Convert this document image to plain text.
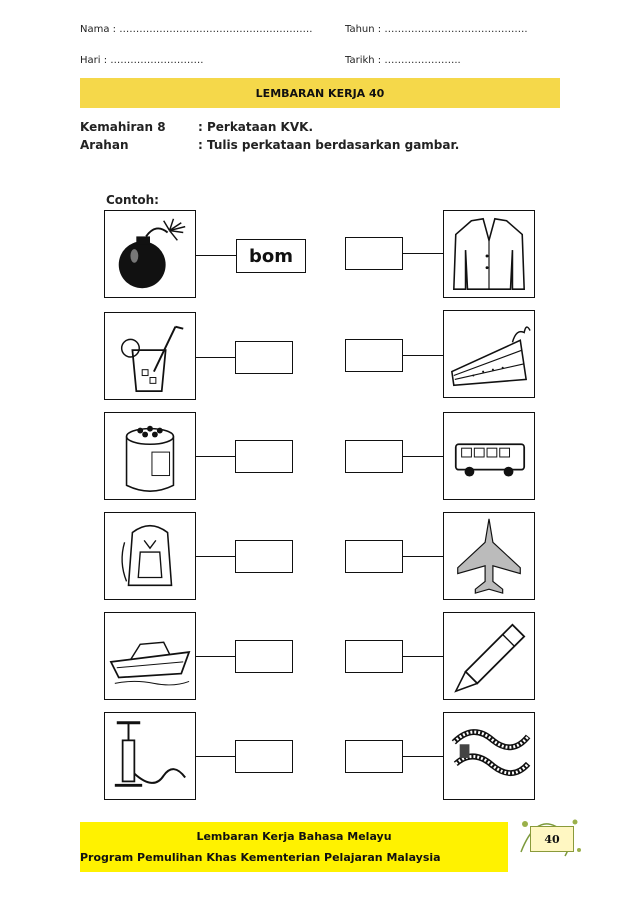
Nama : ………………………………………………….	Tahun : …………………………………….
Hari : ……………………….	Tarikh : …………………..
LEMBARAN KERJA 40
Kemahiran 8	: Perkataan KVK.
Arahan	: Tulis perkataan berdasarkan gambar.
Contoh:
bom
Lembaran Kerja Bahasa Melayu
Program Pemulihan Khas Kementerian Pelajaran Malaysia
40
